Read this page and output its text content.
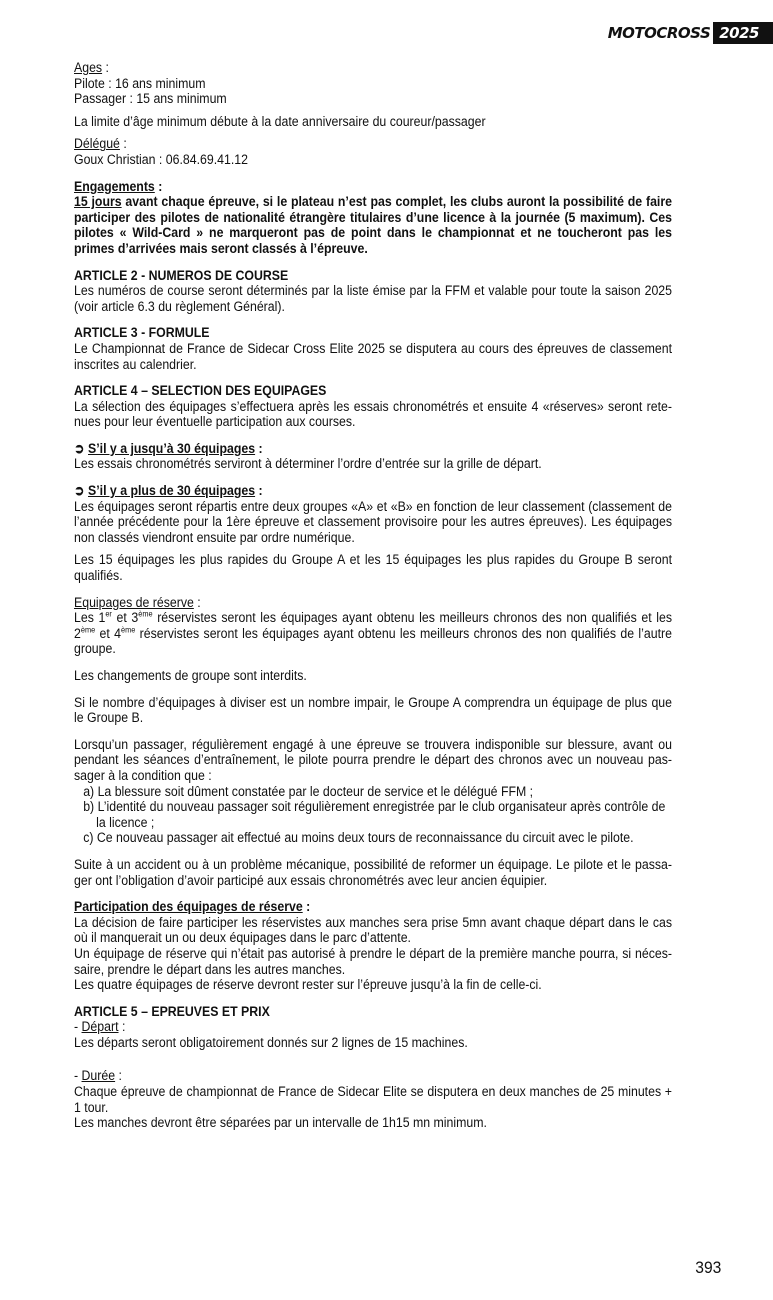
MOTOCROSS 2025

Ages :

Pilote : 16 ans minimum

Passager : 15 ans minimum

La limite d’âge minimum débute à la date anniversaire du coureur/passager

Délégué :

Goux Christian : 06.84.69.41.12

Engagements :

15 jours avant chaque épreuve, si le plateau n’est pas complet, les clubs auront la possibilité de faire participer des pilotes de nationalité étrangère titulaires d’une licence à la journée (5 maximum). Ces pilotes « Wild-Card » ne marqueront pas de point dans le championnat et ne toucheront pas les primes d’arrivées mais seront classés à l’épreuve.

ARTICLE 2 - NUMEROS DE COURSE

Les numéros de course seront déterminés par la liste émise par la FFM et valable pour toute la saison 2025 (voir article 6.3 du règlement Général).

ARTICLE 3 - FORMULE

Le Championnat de France de Sidecar Cross Elite 2025 se disputera au cours des épreuves de classement inscrites au calendrier.

ARTICLE 4 – SELECTION DES EQUIPAGES

La sélection des équipages s’effectuera après les essais chronométrés et ensuite 4 «réserves» seront rete-nues pour leur éventuelle participation aux courses.

➲ S’il y a jusqu’à 30 équipages :

Les essais chronométrés serviront à déterminer l’ordre d’entrée sur la grille de départ.

➲ S’il y a plus de 30 équipages :

Les équipages seront répartis entre deux groupes «A» et «B» en fonction de leur classement (classement de l’année précédente pour la 1ère épreuve et classement provisoire pour les autres épreuves). Les équipages non classés viendront ensuite par ordre numérique.

Les 15 équipages les plus rapides du Groupe A et les 15 équipages les plus rapides du Groupe B seront qualifiés.

Equipages de réserve :

Les 1er et 3ème réservistes seront les équipages ayant obtenu les meilleurs chronos des non qualifiés et les 2ème et 4ème réservistes seront les équipages ayant obtenu les meilleurs chronos des non qualifiés de l’autre groupe.

Les changements de groupe sont interdits.

Si le nombre d’équipages à diviser est un nombre impair, le Groupe A comprendra un équipage de plus que le Groupe B.

Lorsqu’un passager, régulièrement engagé à une épreuve se trouvera indisponible sur blessure, avant ou pendant les séances d’entraînement, le pilote pourra prendre le départ des chronos avec un nouveau pas-sager à la condition que :

a) La blessure soit dûment constatée par le docteur de service et le délégué FFM ;
b) L’identité du nouveau passager soit régulièrement enregistrée par le club organisateur après contrôle de la licence ;
c) Ce nouveau passager ait effectué au moins deux tours de reconnaissance du circuit avec le pilote.

Suite à un accident ou à un problème mécanique, possibilité de reformer un équipage. Le pilote et le passa-ger ont l’obligation d’avoir participé aux essais chronométrés avec leur ancien équipier.

Participation des équipages de réserve :

La décision de faire participer les réservistes aux manches sera prise 5mn avant chaque départ dans le cas où il manquerait un ou deux équipages dans le parc d’attente.

Un équipage de réserve qui n’était pas autorisé à prendre le départ de la première manche pourra, si néces-saire, prendre le départ dans les autres manches.

Les quatre équipages de réserve devront rester sur l’épreuve jusqu’à la fin de celle-ci.

ARTICLE 5 – EPREUVES ET PRIX

- Départ :

Les départs seront obligatoirement donnés sur 2 lignes de 15 machines.

- Durée :

Chaque épreuve de championnat de France de Sidecar Elite se disputera en deux manches de 25 minutes + 1 tour.

Les manches devront être séparées par un intervalle de 1h15 mn minimum.

393
